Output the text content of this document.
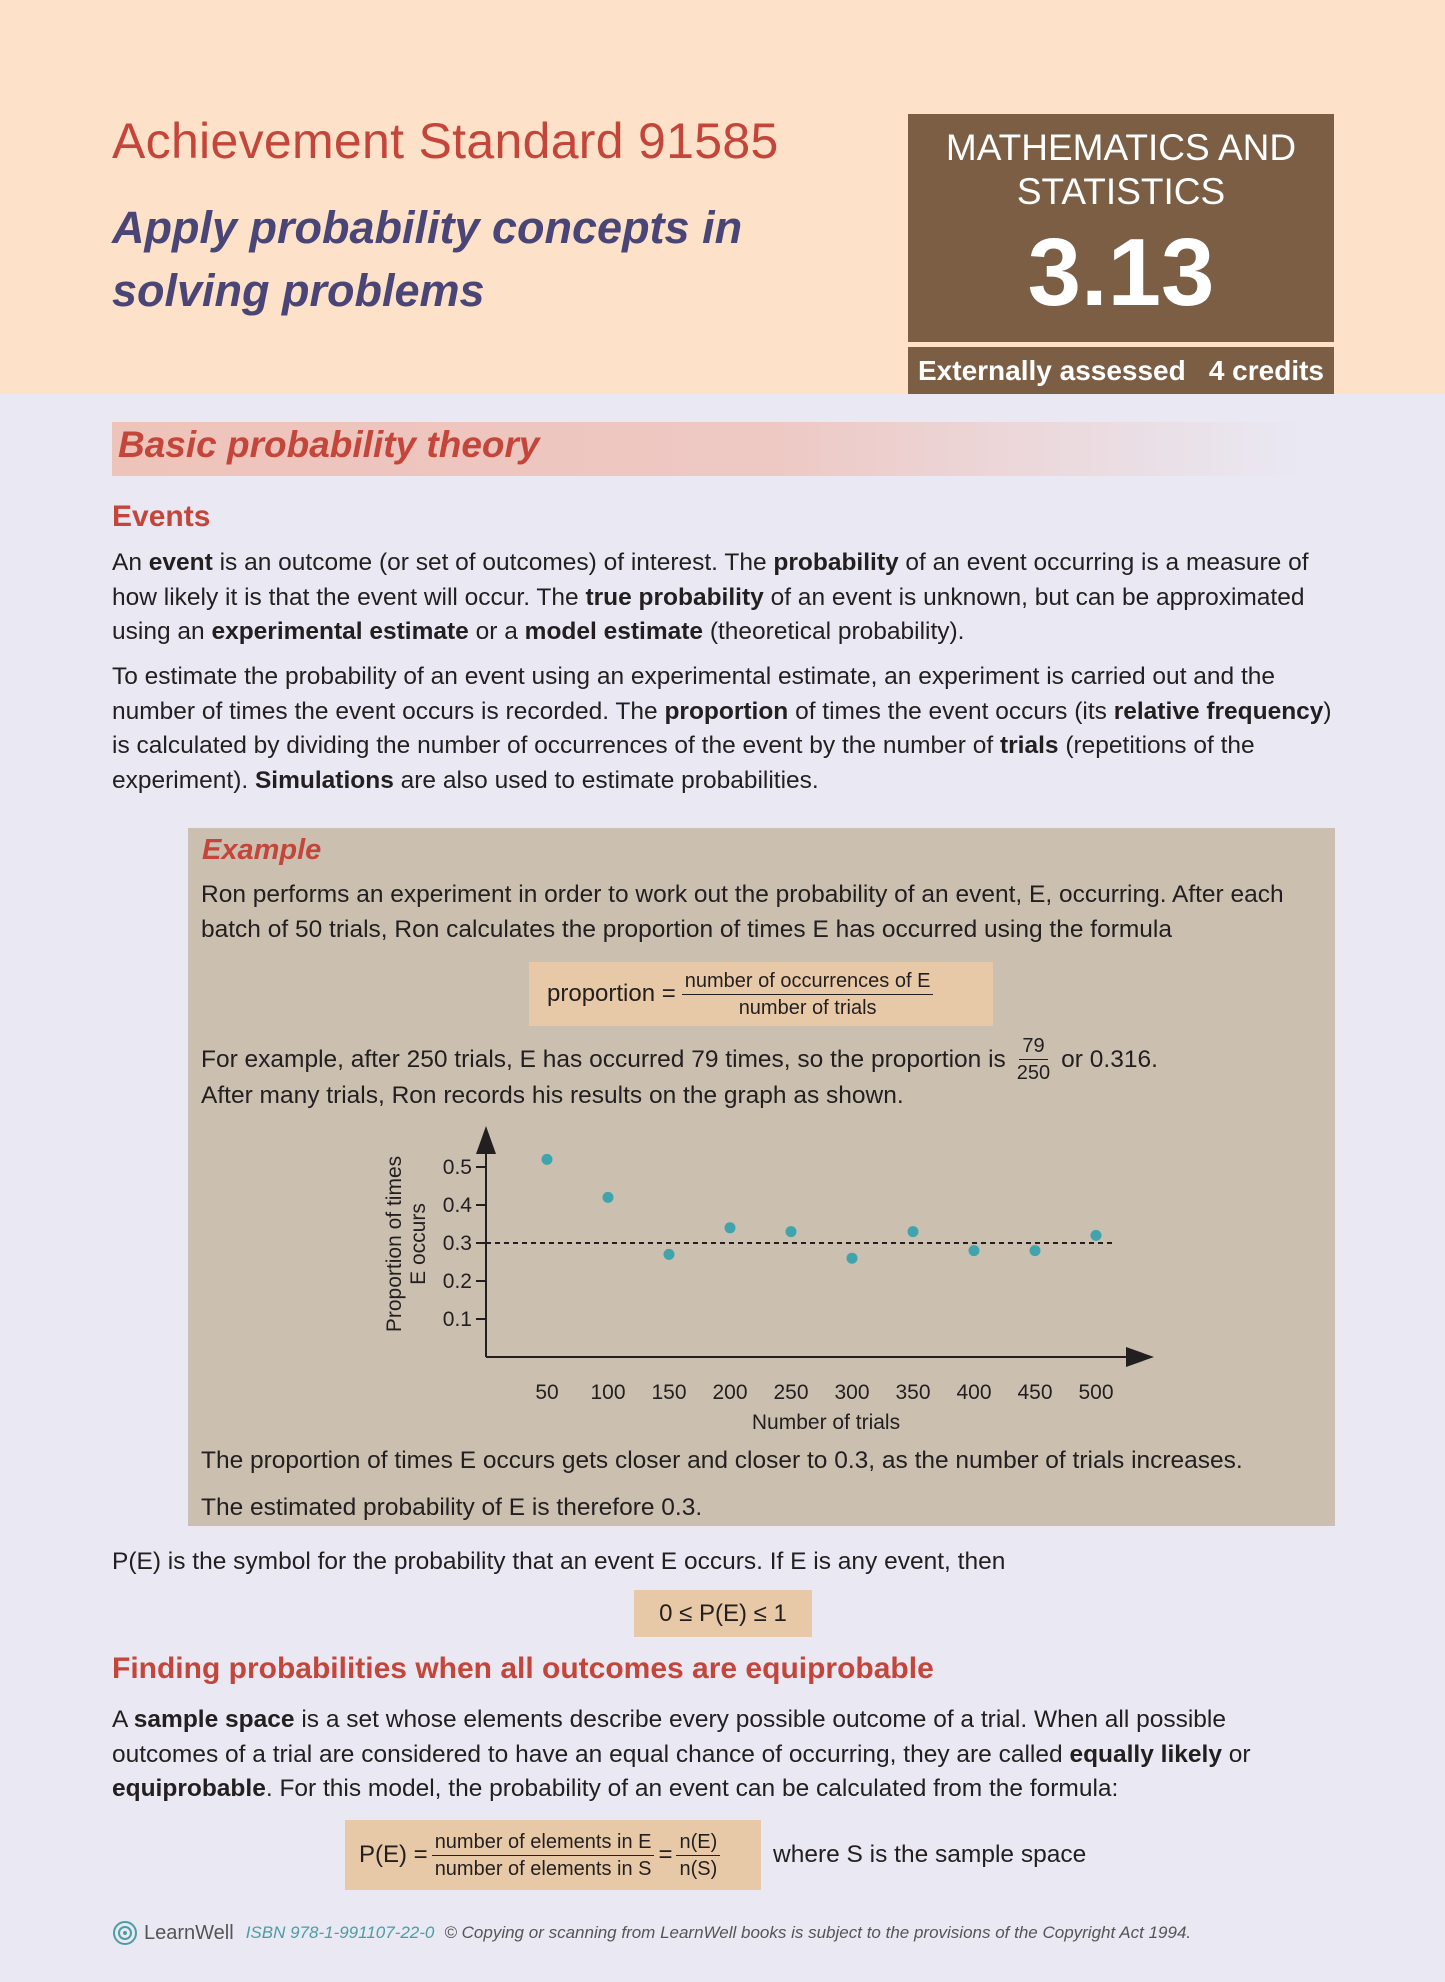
Achievement Standard 91585
Apply probability concepts in solving problems
MATHEMATICS AND STATISTICS
3.13
Externally assessed 4 credits
Basic probability theory
Events
An event is an outcome (or set of outcomes) of interest. The probability of an event occurring is a measure of how likely it is that the event will occur. The true probability of an event is unknown, but can be approximated using an experimental estimate or a model estimate (theoretical probability).
To estimate the probability of an event using an experimental estimate, an experiment is carried out and the number of times the event occurs is recorded. The proportion of times the event occurs (its relative frequency) is calculated by dividing the number of occurrences of the event by the number of trials (repetitions of the experiment). Simulations are also used to estimate probabilities.
Example
Ron performs an experiment in order to work out the probability of an event, E, occurring. After each batch of 50 trials, Ron calculates the proportion of times E has occurred using the formula
proportion = $\frac{\text{number of occurrences of E}}{\text{number of trials}}$
For example, after 250 trials, E has occurred 79 times, so the proportion is $\frac{79}{250}$ or 0.316.
After many trials, Ron records his results on the graph as shown.
0.1
0.2
0.3
0.4
0.5
50 100 150 200 250 300 350 400 450 500
Proportion of timesE occurs
Number of trials
The proportion of times E occurs gets closer and closer to 0.3, as the number of trials increases.
The estimated probability of E is therefore 0.3.
P(E) is the symbol for the probability that an event E occurs. If E is any event, then
0 ≤ P(E) ≤ 1
Finding probabilities when all outcomes are equiprobable
A sample space is a set whose elements describe every possible outcome of a trial. When all possible outcomes of a trial are considered to have an equal chance of occurring, they are called equally likely or equiprobable. For this model, the probability of an event can be calculated from the formula:
$P(E) = \frac{\text{number of elements in E}}{\text{number of elements in S}} = \frac{n(E)}{n(S)}$ where S is the sample space
LearnWell ISBN 978-1-991107-22-0 © Copying or scanning from LearnWell books is subject to the provisions of the Copyright Act 1994.
